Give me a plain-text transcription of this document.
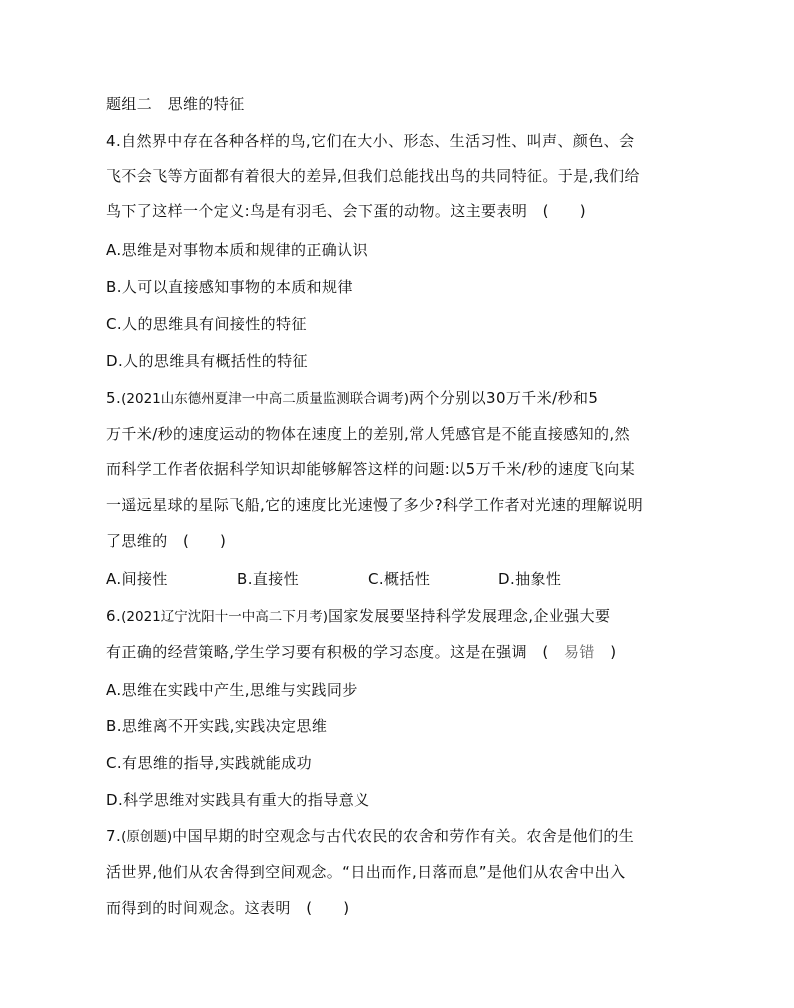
题组二　思维的特征
4.自然界中存在各种各样的鸟,它们在大小、形态、生活习性、叫声、颜色、会
飞不会飞等方面都有着很大的差异,但我们总能找出鸟的共同特征。于是,我们给
鸟下了这样一个定义:鸟是有羽毛、会下蛋的动物。这主要表明　(　　)
A.思维是对事物本质和规律的正确认识
B.人可以直接感知事物的本质和规律
C.人的思维具有间接性的特征
D.人的思维具有概括性的特征
5.(2021山东德州夏津一中高二质量监测联合调考)两个分别以30万千米/秒和5
万千米/秒的速度运动的物体在速度上的差别,常人凭感官是不能直接感知的,然
而科学工作者依据科学知识却能够解答这样的问题:以5万千米/秒的速度飞向某
一遥远星球的星际飞船,它的速度比光速慢了多少?科学工作者对光速的理解说明
了思维的　(　　)
A.间接性	B.直接性	C.概括性	D.抽象性
6.(2021辽宁沈阳十一中高二下月考)国家发展要坚持科学发展理念,企业强大要
有正确的经营策略,学生学习要有积极的学习态度。这是在强调　(　易错　)
A.思维在实践中产生,思维与实践同步
B.思维离不开实践,实践决定思维
C.有思维的指导,实践就能成功
D.科学思维对实践具有重大的指导意义
7.(原创题)中国早期的时空观念与古代农民的农舍和劳作有关。农舍是他们的生
活世界,他们从农舍得到空间观念。“日出而作,日落而息”是他们从农舍中出入
而得到的时间观念。这表明　(　　)
